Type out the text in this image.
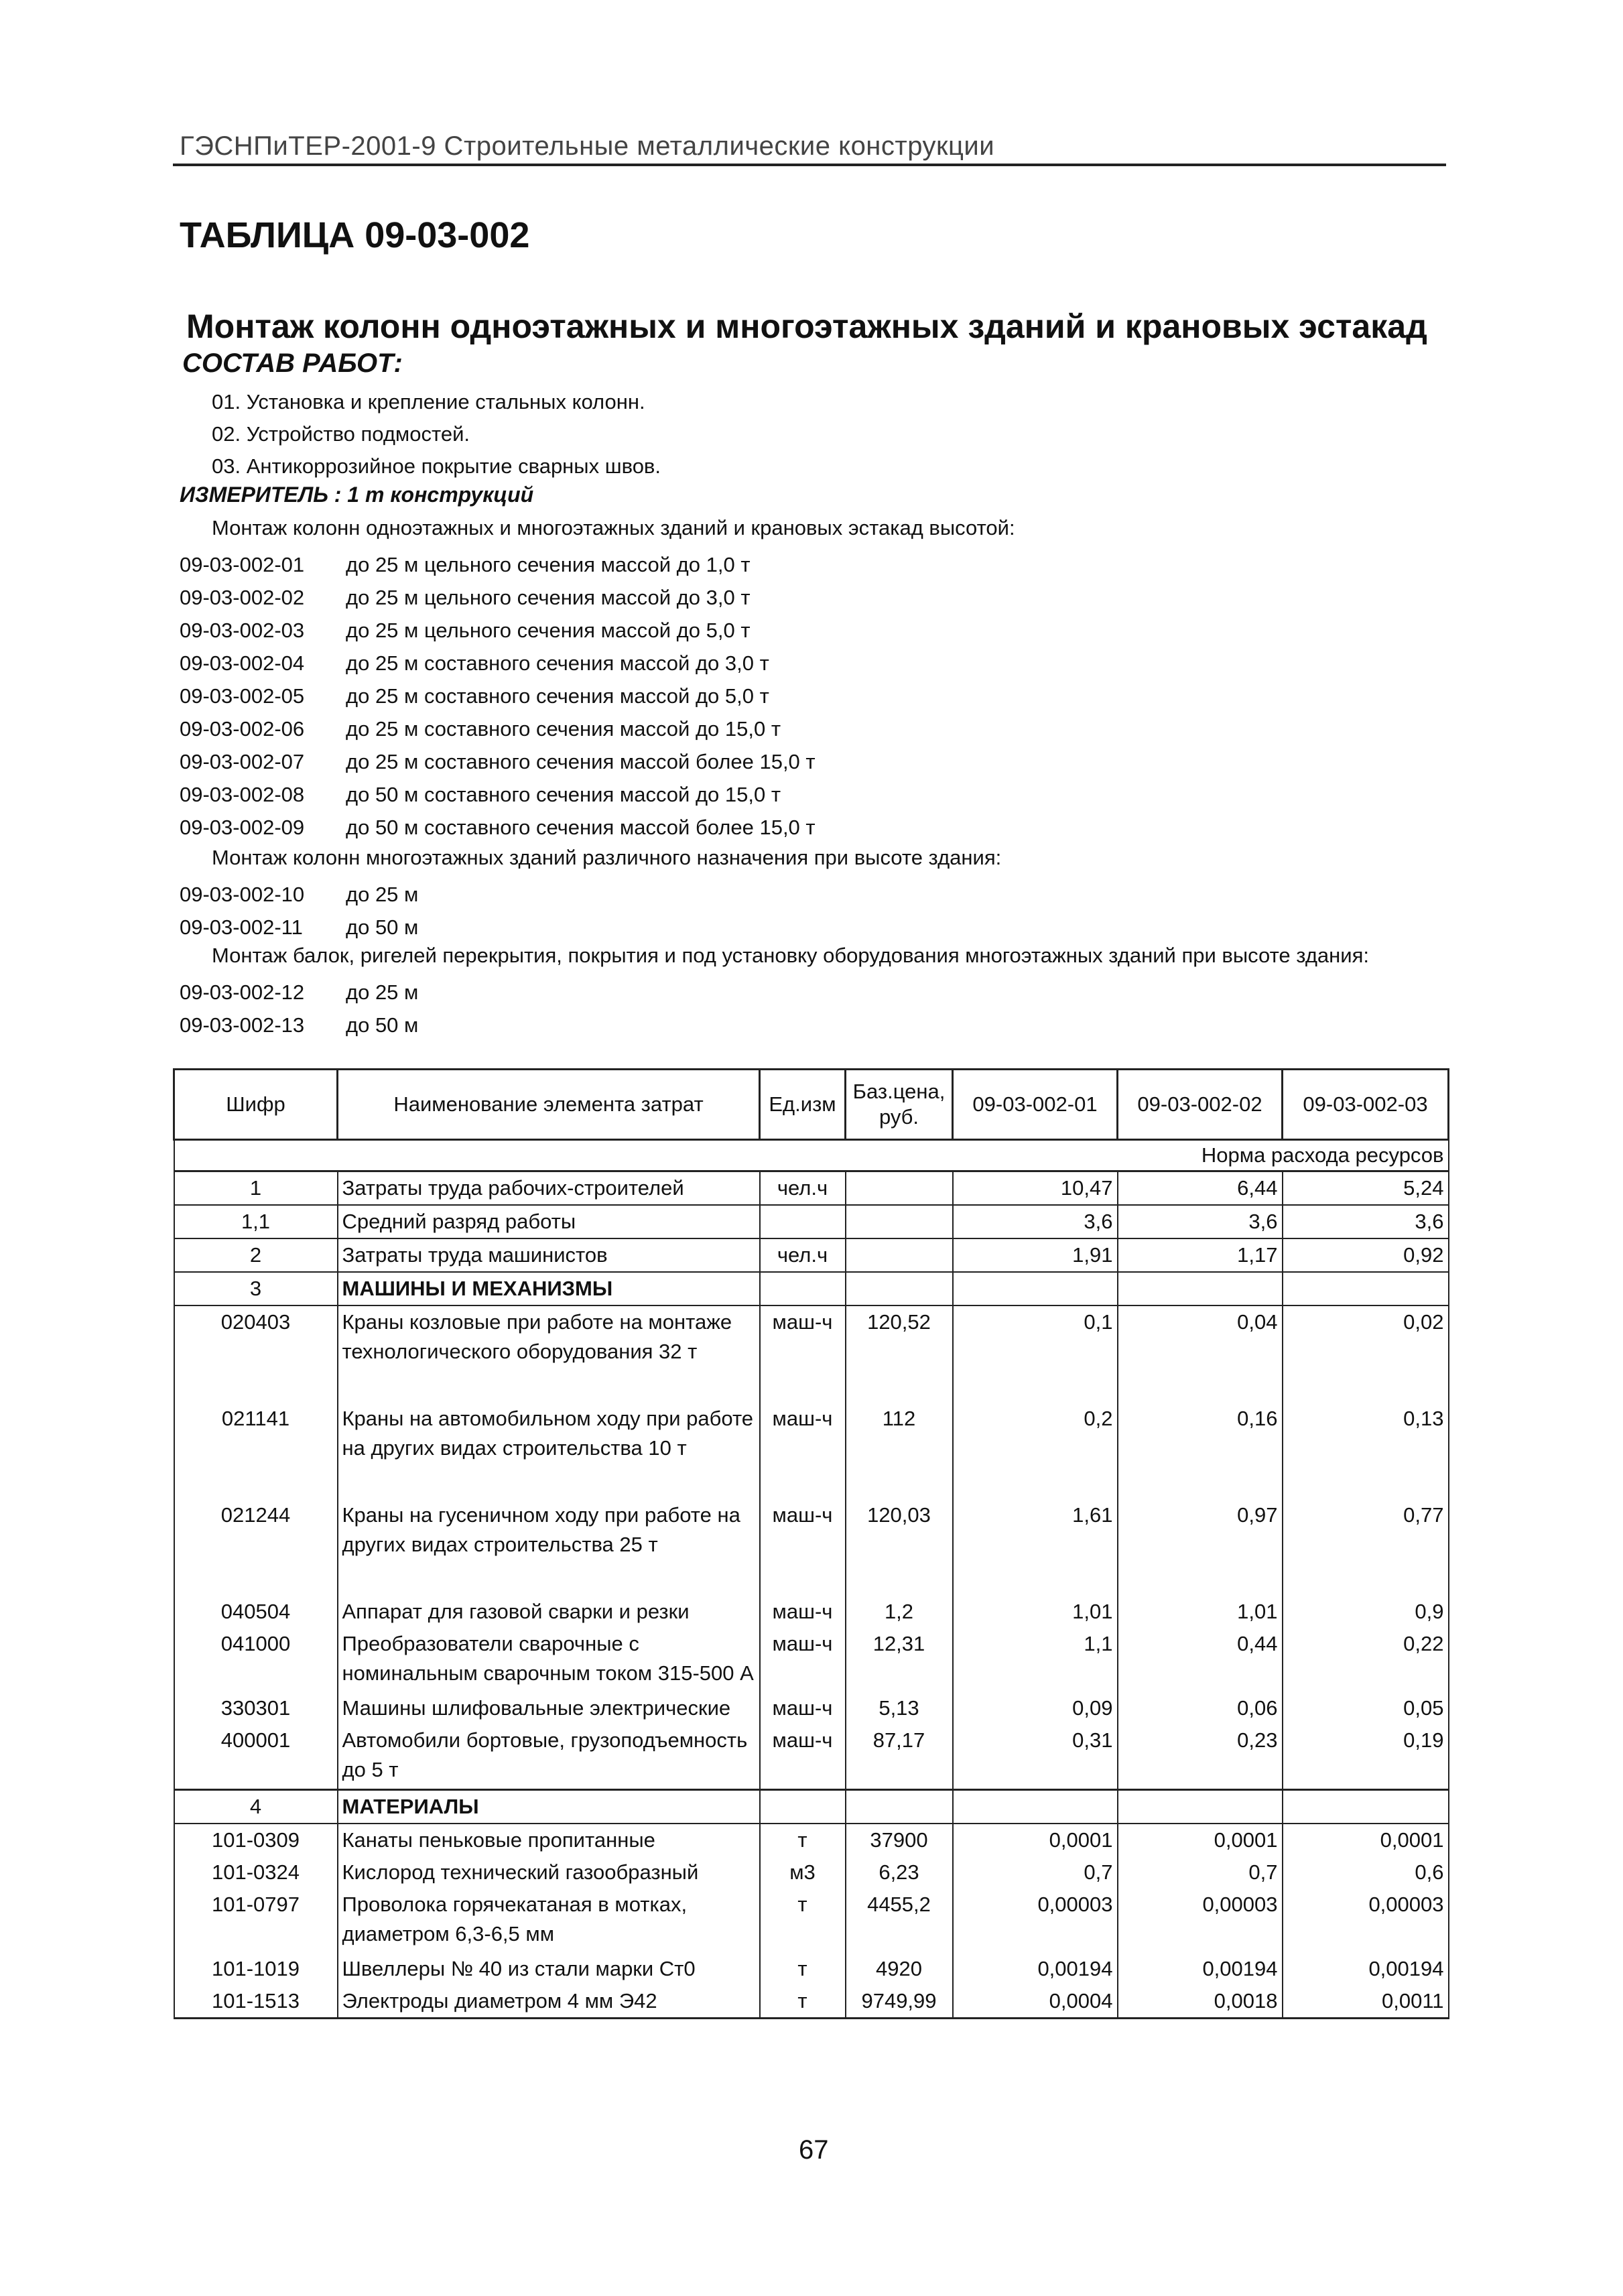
ГЭСНПиТЕР-2001-9 Строительные металлические конструкции
ТАБЛИЦА 09-03-002
Монтаж колонн одноэтажных и многоэтажных зданий и крановых эстакад
СОСТАВ РАБОТ:
01. Установка и крепление стальных колонн.
02. Устройство подмостей.
03. Антикоррозийное покрытие сварных швов.
ИЗМЕРИТЕЛЬ : 1 т конструкций
Монтаж колонн одноэтажных и многоэтажных зданий и крановых эстакад высотой:
09-03-002-01 до 25 м цельного сечения массой до 1,0 т
09-03-002-02 до 25 м цельного сечения массой до 3,0 т
09-03-002-03 до 25 м цельного сечения массой до 5,0 т
09-03-002-04 до 25 м составного сечения массой до 3,0 т
09-03-002-05 до 25 м составного сечения массой до 5,0 т
09-03-002-06 до 25 м составного сечения массой до 15,0 т
09-03-002-07 до 25 м составного сечения массой более 15,0 т
09-03-002-08 до 50 м составного сечения массой до 15,0 т
09-03-002-09 до 50 м составного сечения массой более 15,0 т
Монтаж колонн многоэтажных зданий различного назначения при высоте здания:
09-03-002-10 до 25 м
09-03-002-11 до 50 м
Монтаж балок, ригелей перекрытия, покрытия и под установку оборудования многоэтажных зданий при высоте здания:
09-03-002-12 до 25 м
09-03-002-13 до 50 м
Шифр	Наименование элемента затрат	Ед.изм	Баз.цена, руб.	09-03-002-01	09-03-002-02	09-03-002-03
Норма расхода ресурсов						
1	Затраты труда рабочих-строителей	чел.ч		10,47	6,44	5,24
1,1	Средний разряд работы			3,6	3,6	3,6
2	Затраты труда машинистов	чел.ч		1,91	1,17	0,92
3	МАШИНЫ И МЕХАНИЗМЫ					
020403	Краны козловые при работе на монтаже технологического оборудования 32 т	маш-ч	120,52	0,1	0,04	0,02
021141	Краны на автомобильном ходу при работе на других видах строительства 10 т	маш-ч	112	0,2	0,16	0,13
021244	Краны на гусеничном ходу при работе на других видах строительства 25 т	маш-ч	120,03	1,61	0,97	0,77
040504	Аппарат для газовой сварки и резки	маш-ч	1,2	1,01	1,01	0,9
041000	Преобразователи сварочные с номинальным сварочным током 315-500 А	маш-ч	12,31	1,1	0,44	0,22
330301	Машины шлифовальные электрические	маш-ч	5,13	0,09	0,06	0,05
400001	Автомобили бортовые, грузоподъемность до 5 т	маш-ч	87,17	0,31	0,23	0,19
4	МАТЕРИАЛЫ					
101-0309	Канаты пеньковые пропитанные	т	37900	0,0001	0,0001	0,0001
101-0324	Кислород технический газообразный	м3	6,23	0,7	0,7	0,6
101-0797	Проволока горячекатаная в мотках, диаметром 6,3-6,5 мм	т	4455,2	0,00003	0,00003	0,00003
101-1019	Швеллеры № 40 из стали марки Ст0	т	4920	0,00194	0,00194	0,00194
101-1513	Электроды диаметром 4 мм Э42	т	9749,99	0,0004	0,0018	0,0011
67
